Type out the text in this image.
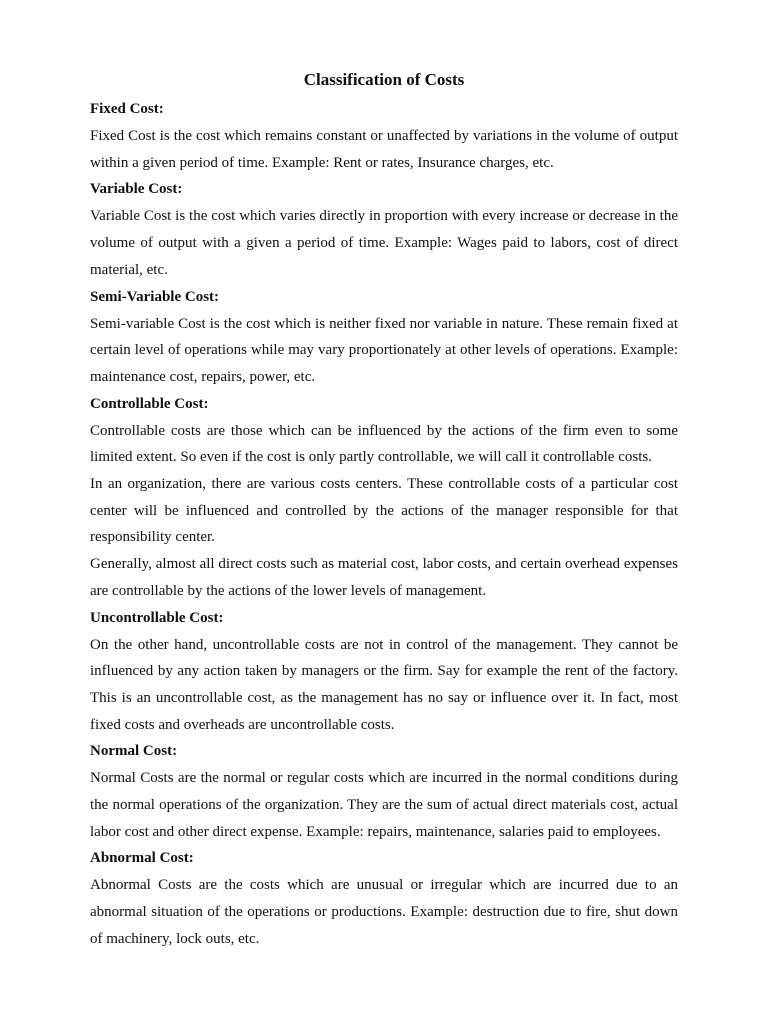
Classification of Costs
Fixed Cost:

Fixed Cost is the cost which remains constant or unaffected by variations in the volume of output within a given period of time. Example: Rent or rates, Insurance charges, etc.

Variable Cost:

Variable Cost is the cost which varies directly in proportion with every increase or decrease in the volume of output with a given a period of time. Example: Wages paid to labors, cost of direct material, etc.

Semi-Variable Cost:

Semi-variable Cost is the cost which is neither fixed nor variable in nature. These remain fixed at certain level of operations while may vary proportionately at other levels of operations. Example: maintenance cost, repairs, power, etc.

Controllable Cost:

Controllable costs are those which can be influenced by the actions of the firm even to some limited extent. So even if the cost is only partly controllable, we will call it controllable costs.

In an organization, there are various costs centers. These controllable costs of a particular cost center will be influenced and controlled by the actions of the manager responsible for that responsibility center.

Generally, almost all direct costs such as material cost, labor costs, and certain overhead expenses are controllable by the actions of the lower levels of management.

Uncontrollable Cost:

On the other hand, uncontrollable costs are not in control of the management. They cannot be influenced by any action taken by managers or the firm. Say for example the rent of the factory. This is an uncontrollable cost, as the management has no say or influence over it. In fact, most fixed costs and overheads are uncontrollable costs.

Normal Cost:

Normal Costs are the normal or regular costs which are incurred in the normal conditions during the normal operations of the organization. They are the sum of actual direct materials cost, actual labor cost and other direct expense. Example: repairs, maintenance, salaries paid to employees.

Abnormal Cost:

Abnormal Costs are the costs which are unusual or irregular which are incurred due to an abnormal situation of the operations or productions. Example: destruction due to fire, shut down of machinery, lock outs, etc.
